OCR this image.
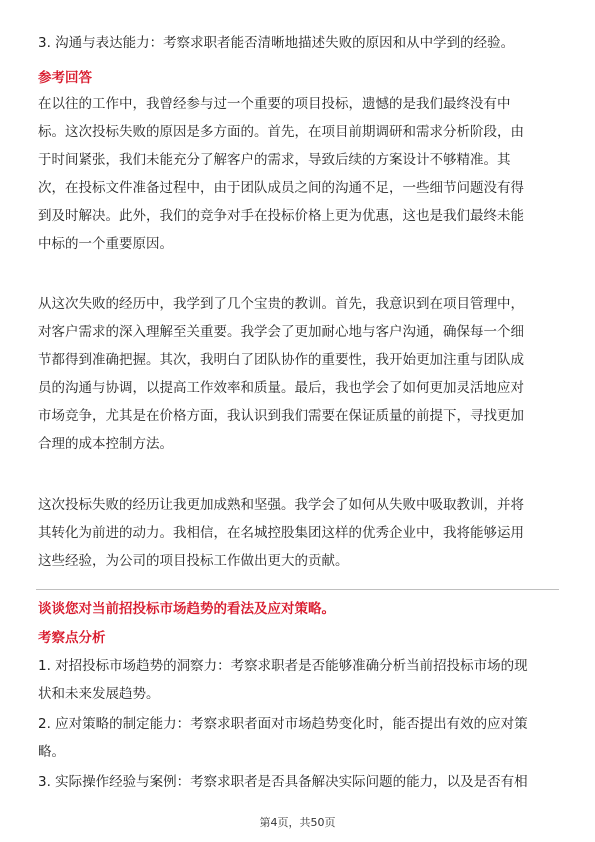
3. 沟通与表达能力：考察求职者能否清晰地描述失败的原因和从中学到的经验。
参考回答
在以往的工作中，我曾经参与过一个重要的项目投标，遗憾的是我们最终没有中
标。这次投标失败的原因是多方面的。首先，在项目前期调研和需求分析阶段，由
于时间紧张，我们未能充分了解客户的需求，导致后续的方案设计不够精准。其
次，在投标文件准备过程中，由于团队成员之间的沟通不足，一些细节问题没有得
到及时解决。此外，我们的竞争对手在投标价格上更为优惠，这也是我们最终未能
中标的一个重要原因。
从这次失败的经历中，我学到了几个宝贵的教训。首先，我意识到在项目管理中，
对客户需求的深入理解至关重要。我学会了更加耐心地与客户沟通，确保每一个细
节都得到准确把握。其次，我明白了团队协作的重要性，我开始更加注重与团队成
员的沟通与协调，以提高工作效率和质量。最后，我也学会了如何更加灵活地应对
市场竞争，尤其是在价格方面，我认识到我们需要在保证质量的前提下，寻找更加
合理的成本控制方法。
这次投标失败的经历让我更加成熟和坚强。我学会了如何从失败中吸取教训，并将
其转化为前进的动力。我相信，在名城控股集团这样的优秀企业中，我将能够运用
这些经验，为公司的项目投标工作做出更大的贡献。
谈谈您对当前招投标市场趋势的看法及应对策略。
考察点分析
1. 对招投标市场趋势的洞察力：考察求职者是否能够准确分析当前招投标市场的现
状和未来发展趋势。
2. 应对策略的制定能力：考察求职者面对市场趋势变化时，能否提出有效的应对策
略。
3. 实际操作经验与案例：考察求职者是否具备解决实际问题的能力，以及是否有相
第4页，共50页
